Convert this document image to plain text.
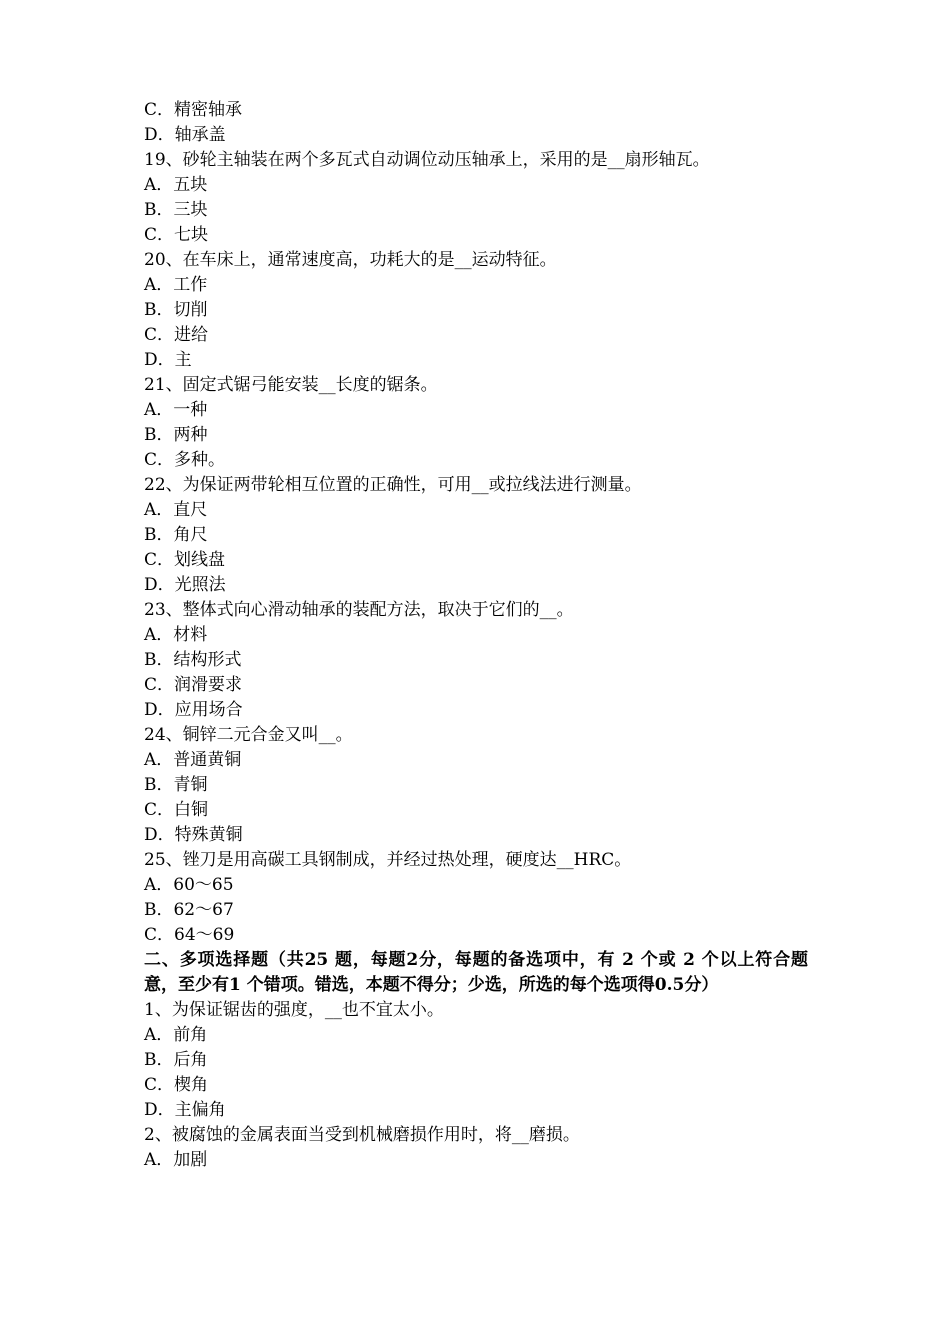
C．精密轴承
D．轴承盖
19、砂轮主轴装在两个多瓦式自动调位动压轴承上，采用的是__扇形轴瓦。
A．五块
B．三块
C．七块
20、在车床上，通常速度高，功耗大的是__运动特征。
A．工作
B．切削
C．进给
D．主
21、固定式锯弓能安装__长度的锯条。
A．一种
B．两种
C．多种。
22、为保证两带轮相互位置的正确性，可用__或拉线法进行测量。
A．直尺
B．角尺
C．划线盘
D．光照法
23、整体式向心滑动轴承的装配方法，取决于它们的__。
A．材料
B．结构形式
C．润滑要求
D．应用场合
24、铜锌二元合金又叫__。
A．普通黄铜
B．青铜
C．白铜
D．特殊黄铜
25、锉刀是用高碳工具钢制成，并经过热处理，硬度达__HRC。
A．60～65
B．62～67
C．64～69
二、多项选择题（共25 题，每题2分，每题的备选项中，有 2 个或 2 个以上符合题意，至少有1 个错项。错选，本题不得分；少选，所选的每个选项得0.5分）
1、为保证锯齿的强度，__也不宜太小。
A．前角
B．后角
C．楔角
D．主偏角
2、被腐蚀的金属表面当受到机械磨损作用时，将__磨损。
A．加剧
